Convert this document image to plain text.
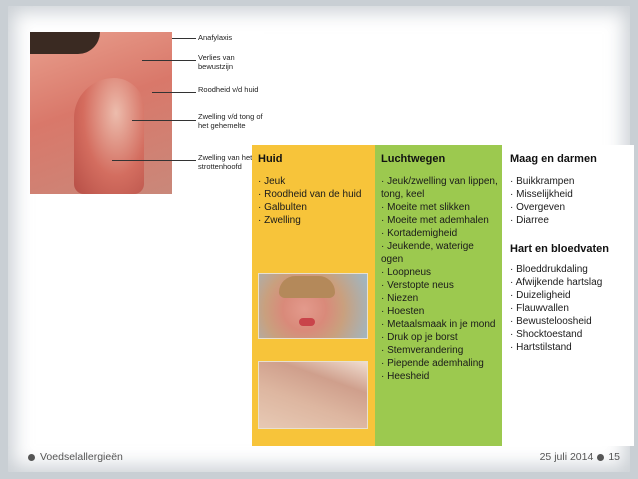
Anafylaxis
Verlies van bewustzijn
Roodheid v/d huid
Zwelling v/d tong of het gehemelte
Zwelling van het strottenhoofd
Huid
· Jeuk
· Roodheid van de huid
· Galbulten
· Zwelling
Luchtwegen
· Jeuk/zwelling van lippen, tong, keel
· Moeite met slikken
· Moeite met ademhalen
· Kortademigheid
· Jeukende, waterige ogen
· Loopneus
· Verstopte neus
· Niezen
· Hoesten
· Metaalsmaak in je mond
· Druk op je borst
· Stemverandering
· Piepende ademhaling
· Heesheid
Maag en darmen
· Buikkrampen
· Misselijkheid
· Overgeven
· Diarree
Hart en bloedvaten
· Bloeddrukdaling
· Afwijkende hartslag
· Duizeligheid
· Flauwvallen
· Bewusteloosheid
· Shocktoestand
· Hartstilstand
Voedselallergieën	25 juli 2014 15
